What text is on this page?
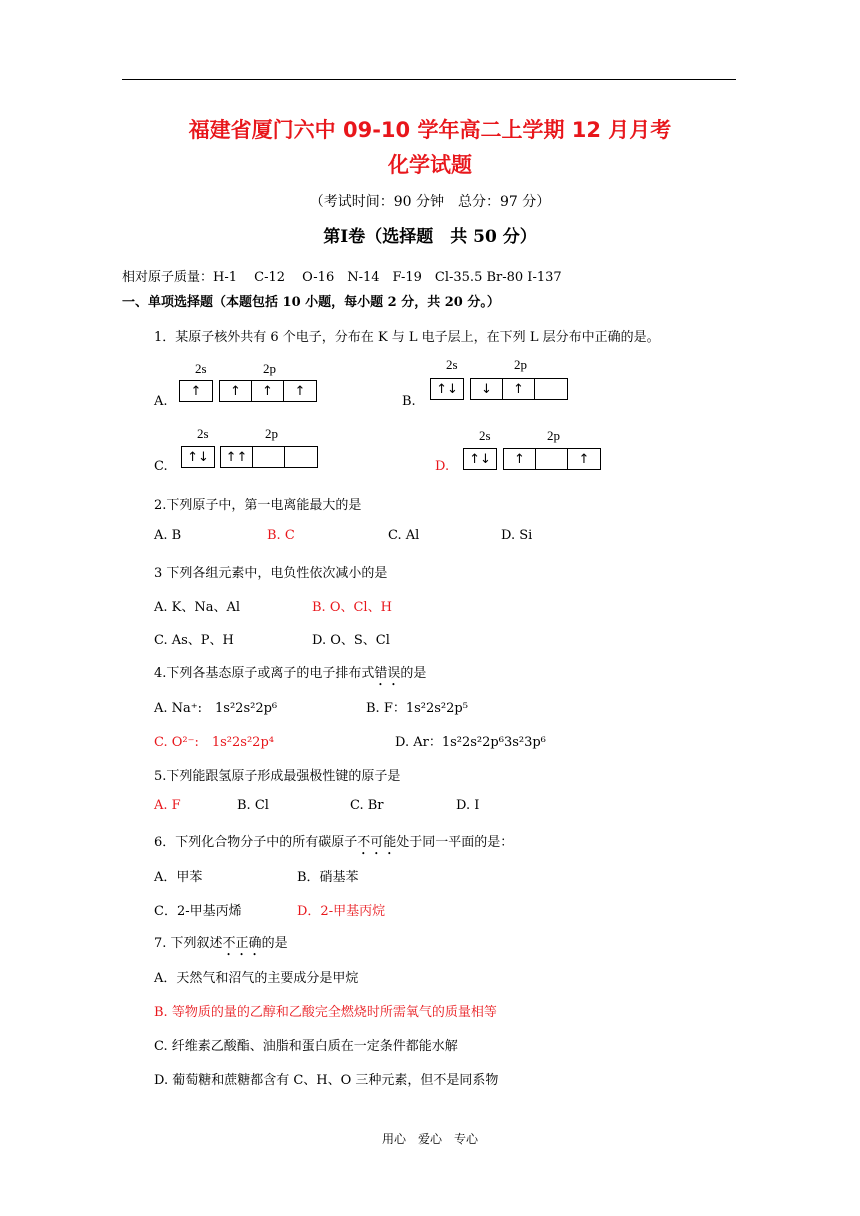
福建省厦门六中 09-10 学年高二上学期 12 月月考
化学试题
（考试时间：90 分钟　总分：97 分）
第Ⅰ卷（选择题　共 50 分）
相对原子质量：H-1　 C-12　 O-16　N-14　F-19　Cl-35.5 Br-80 I-137
一、单项选择题（本题包括 10 小题，每小题 2 分，共 20 分。）
1．某原子核外共有 6 个电子，分布在 K 与 L 电子层上，在下列 L 层分布中正确的是。
A.
2s	2p
↑	↑	↑	↑
B.
2s	2p
↑↓	↓	↑
C.
2s	2p
↑↓	↑↑
D.
2s	2p
↑↓	↑	↑
2.下列原子中，第一电离能最大的是
A. B	B. C	C. Al	D. Si
3 下列各组元素中，电负性依次减小的是
A. K、Na、Al	B. O、Cl、H
C. As、P、H	D. O、S、Cl
4.下列各基态原子或离子的电子排布式错误的是
A. Na⁺:　1s²2s²2p⁶	B. F：1s²2s²2p⁵
C. O²⁻:　1s²2s²2p⁴	D. Ar：1s²2s²2p⁶3s²3p⁶
5.下列能跟氢原子形成最强极性键的原子是
A. F	B. Cl	C. Br	D. I
6．下列化合物分子中的所有碳原子不可能处于同一平面的是：
A．甲苯	B．硝基苯
C．2-甲基丙烯	D．2-甲基丙烷
7. 下列叙述不正确的是
A．天然气和沼气的主要成分是甲烷
B. 等物质的量的乙醇和乙酸完全燃烧时所需氧气的质量相等
C. 纤维素乙酸酯、油脂和蛋白质在一定条件都能水解
D. 葡萄糖和蔗糖都含有 C、H、O 三种元素，但不是同系物
用心　爱心　专心
